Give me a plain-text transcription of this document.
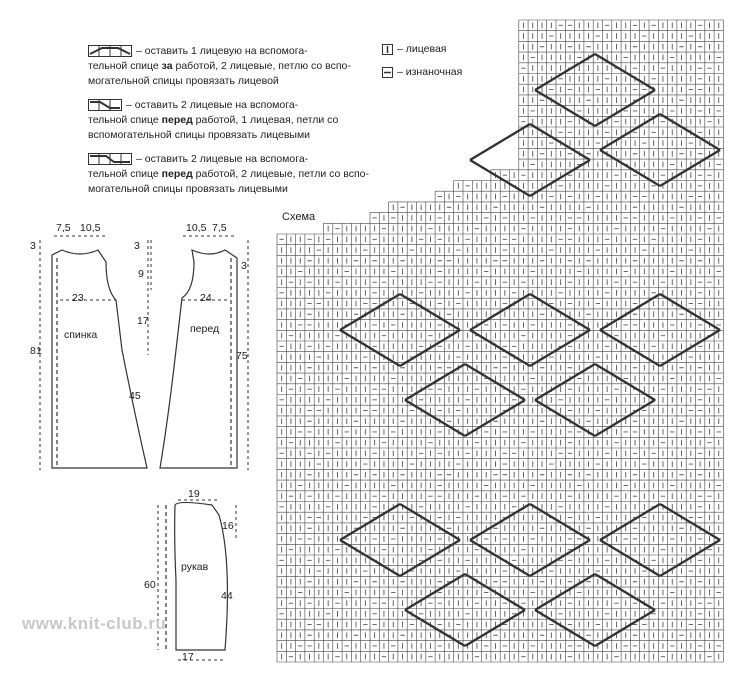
– оставить 1 лицевую на вспомога-
тельной спице за работой, 2 лицевые, петлю со вспо-
могательной спицы провязать лицевой
– оставить 2 лицевые на вспомога-
тельной спице перед работой, 1 лицевая, петли со
вспомогательной спицы провязать лицевыми
– оставить 2 лицевые на вспомога-
тельной спице перед работой, 2 лицевые, петли со вспо-
могательной спицы провязать лицевыми
– лицевая
– изнаночная
7,5 10,5
3
23
спинка
81
17
45
10,5 7,5
3
9
3
24
перед
75
19
16
рукав
60
44
17
www.knit-club.ru
Схема
